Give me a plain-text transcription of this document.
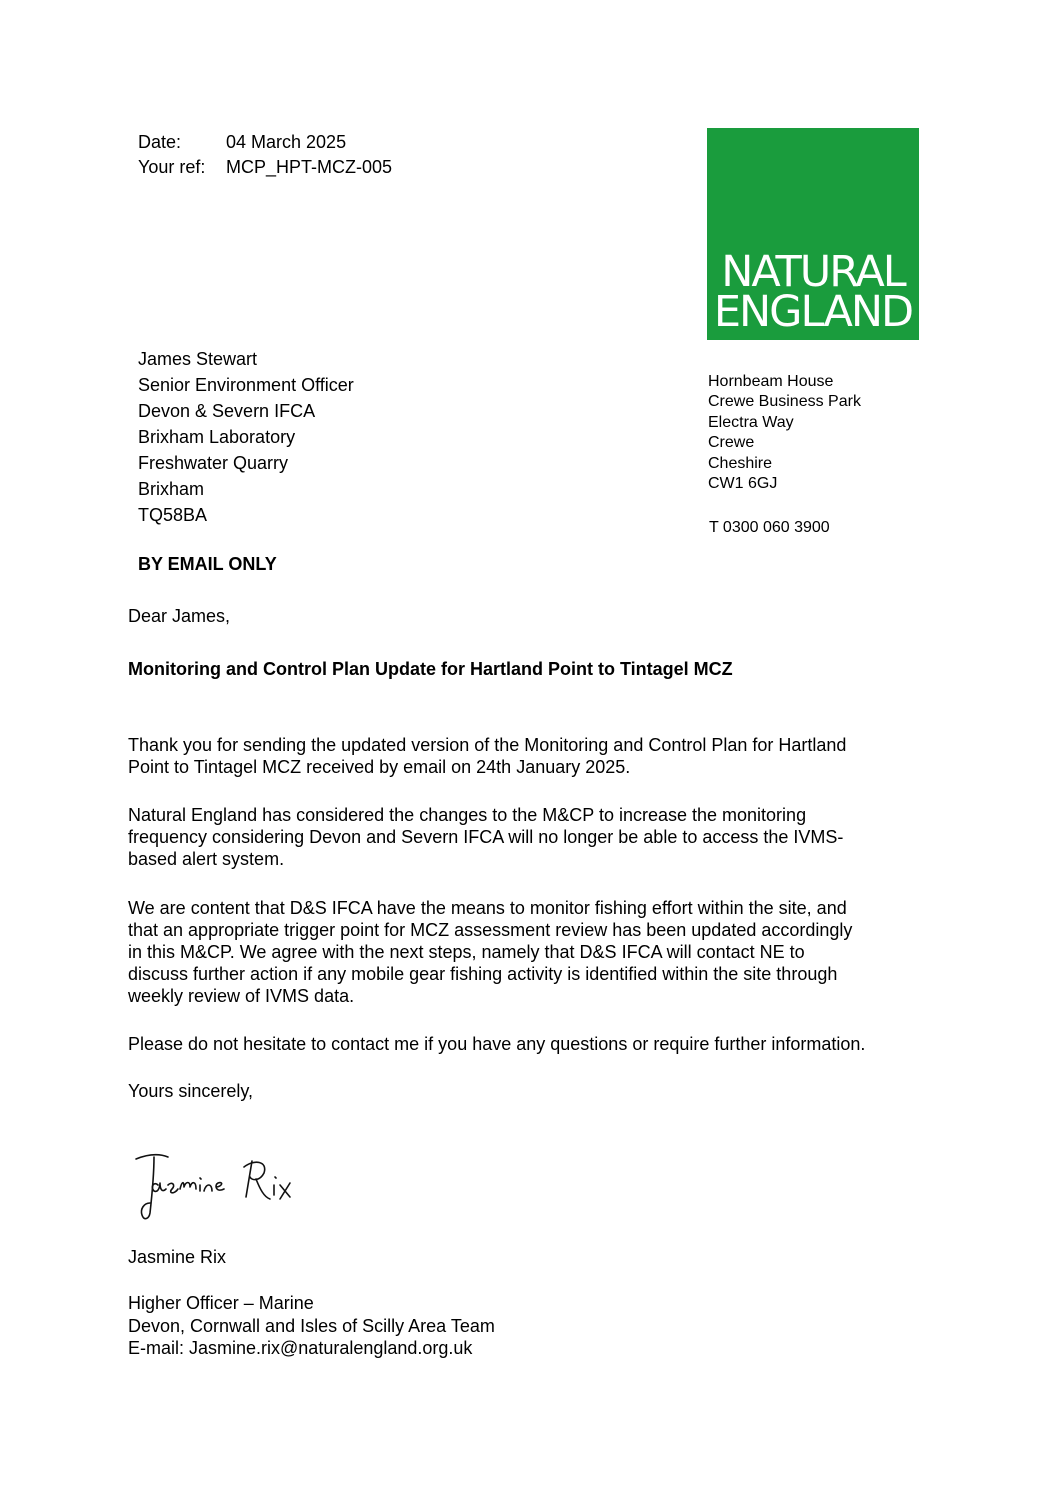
Date:	04 March 2025
Your ref:	MCP_HPT-MCZ-005
NATURAL
ENGLAND
James Stewart
Senior Environment Officer
Devon & Severn IFCA
Brixham Laboratory
Freshwater Quarry
Brixham
TQ58BA
Hornbeam House
Crewe Business Park
Electra Way
Crewe
Cheshire
CW1 6GJ
T 0300 060 3900
BY EMAIL ONLY
Dear James,
Monitoring and Control Plan Update for Hartland Point to Tintagel MCZ
Thank you for sending the updated version of the Monitoring and Control Plan for Hartland
Point to Tintagel MCZ received by email on 24th January 2025.
Natural England has considered the changes to the M&CP to increase the monitoring
frequency considering Devon and Severn IFCA will no longer be able to access the IVMS-
based alert system.
We are content that D&S IFCA have the means to monitor fishing effort within the site, and
that an appropriate trigger point for MCZ assessment review has been updated accordingly
in this M&CP. We agree with the next steps, namely that D&S IFCA will contact NE to
discuss further action if any mobile gear fishing activity is identified within the site through
weekly review of IVMS data.
Please do not hesitate to contact me if you have any questions or require further information.
Yours sincerely,
Jasmine Rix
Higher Officer – Marine
Devon, Cornwall and Isles of Scilly Area Team
E-mail: Jasmine.rix@naturalengland.org.uk
